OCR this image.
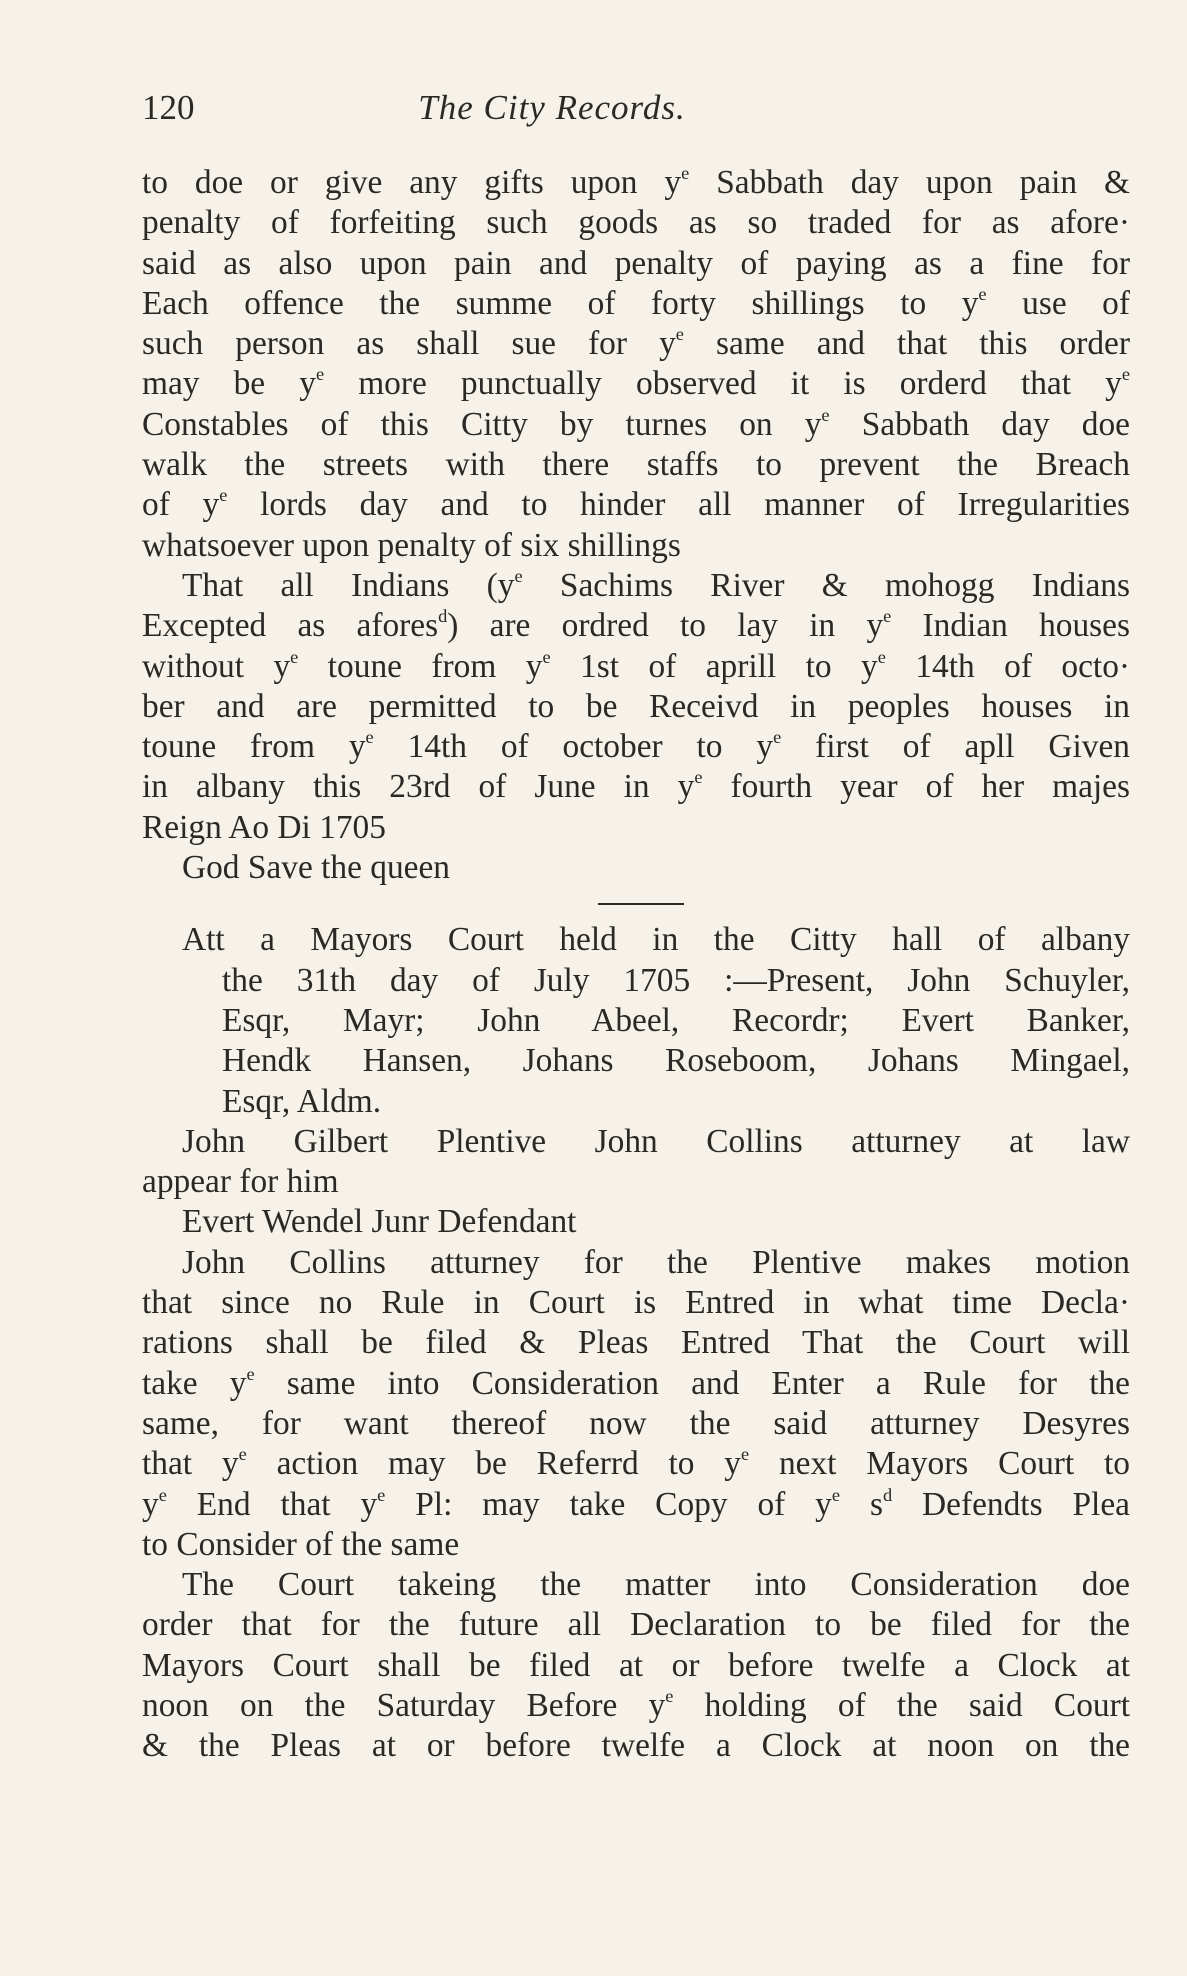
120	The City Records.
to doe or give any gifts upon $y^e$ Sabbath day upon pain &
penalty of forfeiting such goods as so traded for as afore·
said as also upon pain and penalty of paying as a fine for
Each offence the summe of forty shillings to $y^e$ use of
such person as shall sue for $y^e$ same and that this order
may be $y^e$ more punctually observed it is orderd that $y^e$
Constables of this Citty by turnes on $y^e$ Sabbath day doe
walk the streets with there staffs to prevent the Breach
of $y^e$ lords day and to hinder all manner of Irregularities
whatsoever upon penalty of six shillings
That all Indians ($y^e$ Sachims River & mohogg Indians
Excepted as afores$^d$) are ordred to lay in $y^e$ Indian houses
without $y^e$ toune from $y^e$ 1st of aprill to $y^e$ 14th of octo·
ber and are permitted to be Receivd in peoples houses in
toune from $y^e$ 14th of october to $y^e$ first of apll Given
in albany this 23rd of June in $y^e$ fourth year of her majes
Reign Ao Di 1705
God Save the queen
Att a Mayors Court held in the Citty hall of albany
the 31th day of July 1705 :—Present, John Schuyler,
Esqr, Mayr; John Abeel, Recordr; Evert Banker,
Hendk Hansen, Johans Roseboom, Johans Mingael,
Esqr, Aldm.
John Gilbert Plentive John Collins atturney at law
appear for him
Evert Wendel Junr Defendant
John Collins atturney for the Plentive makes motion
that since no Rule in Court is Entred in what time Decla·
rations shall be filed & Pleas Entred That the Court will
take $y^e$ same into Consideration and Enter a Rule for the
same, for want thereof now the said atturney Desyres
that $y^e$ action may be Referrd to $y^e$ next Mayors Court to
$y^e$ End that $y^e$ Pl: may take Copy of $y^e$ $s^d$ Defendts Plea
to Consider of the same
The Court takeing the matter into Consideration doe
order that for the future all Declaration to be filed for the
Mayors Court shall be filed at or before twelfe a Clock at
noon on the Saturday Before $y^e$ holding of the said Court
& the Pleas at or before twelfe a Clock at noon on the
